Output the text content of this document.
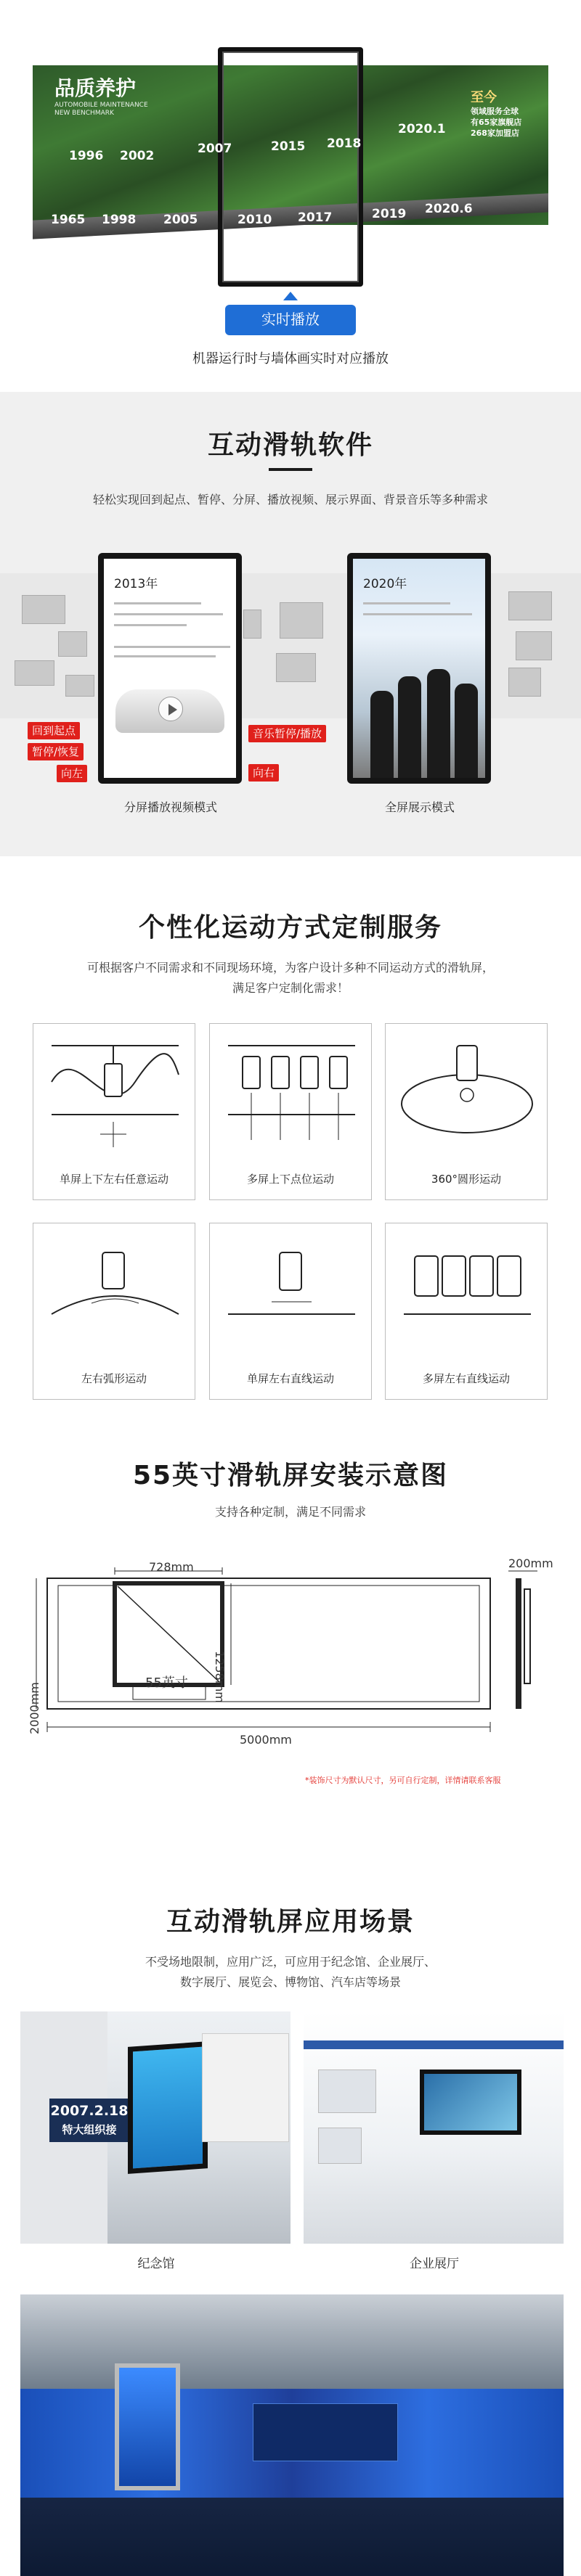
品质养护
AUTOMOBILE MAINTENANCE NEW BENCHMARK
1996 2002	2007	2015 2018
2020.1
1965 1998 2005	2010 2017	2019 2020.6
至今
领域服务全球
有65家旗舰店
268家加盟店
实时播放
机器运行时与墙体画实时对应播放
互动滑轨软件
轻松实现回到起点、暂停、分屏、播放视频、展示界面、背景音乐等多种需求
2013年	2020年
回到起点
暂停/恢复
向左
音乐暂停/播放
向右
分屏播放视频模式	全屏展示模式
个性化运动方式定制服务
可根据客户不同需求和不同现场环境，为客户设计多种不同运动方式的滑轨屏，
满足客户定制化需求！
单屏上下左右任意运动	多屏上下点位运动	360°圆形运动
左右弧形运动	单屏左右直线运动	多屏左右直线运动
55英寸滑轨屏安装示意图
支持各种定制，满足不同需求
728mm
55英寸 1258mm
2000mm
5000mm
200mm
*装饰尺寸为默认尺寸，另可自行定制，详情请联系客服
互动滑轨屏应用场景
不受场地限制，应用广泛，可应用于纪念馆、企业展厅、
数字展厅、展览会、博物馆、汽车店等场景
2007.2.18
特大组织接
纪念馆	企业展厅
